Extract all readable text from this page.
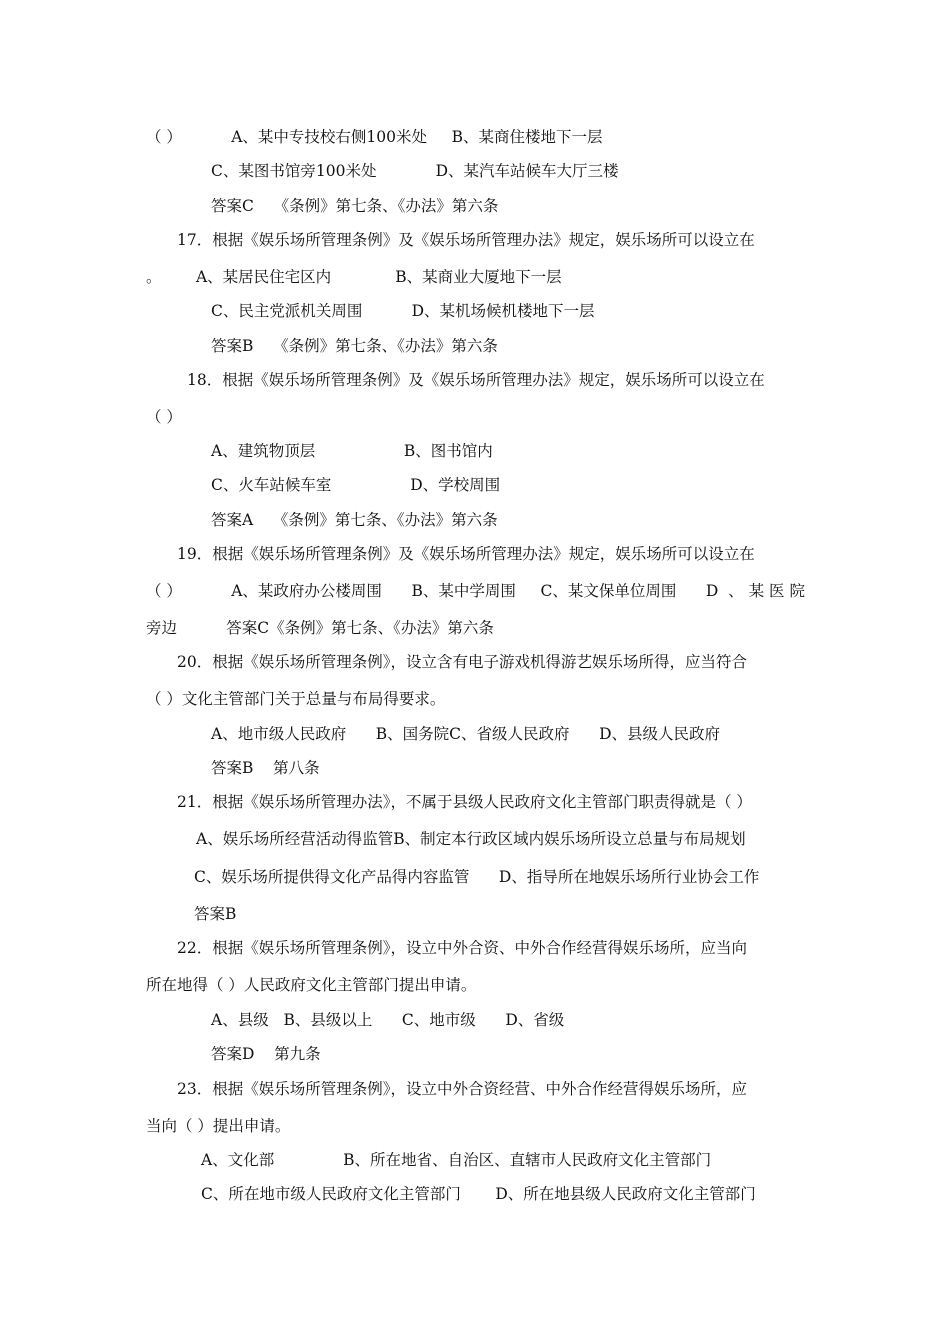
（ ）          A、某中专技校右侧100米处     B、某商住楼地下一层
C、某图书馆旁100米处            D、某汽车站候车大厅三楼
答案C    《条例》第七条、《办法》第六条
17．根据《娱乐场所管理条例》及《娱乐场所管理办法》规定，娱乐场所可以设立在
。       A、某居民住宅区内             B、某商业大厦地下一层
C、民主党派机关周围          D、某机场候机楼地下一层
答案B    《条例》第七条、《办法》第六条
18．根据《娱乐场所管理条例》及《娱乐场所管理办法》规定，娱乐场所可以设立在
（ ）
A、建筑物顶层                  B、图书馆内
C、火车站候车室                D、学校周围
答案A    《条例》第七条、《办法》第六条
19．根据《娱乐场所管理条例》及《娱乐场所管理办法》规定，娱乐场所可以设立在
（ ）          A、某政府办公楼周围      B、某中学周围     C、某文保单位周围      D  、 某 医 院
旁边          答案C《条例》第七条、《办法》第六条
20．根据《娱乐场所管理条例》，设立含有电子游戏机得游艺娱乐场所得，应当符合
（ ）文化主管部门关于总量与布局得要求。
A、地市级人民政府      B、国务院C、省级人民政府      D、县级人民政府
答案B    第八条
21．根据《娱乐场所管理办法》，不属于县级人民政府文化主管部门职责得就是（ ）
A、娱乐场所经营活动得监管B、制定本行政区域内娱乐场所设立总量与布局规划
C、娱乐场所提供得文化产品得内容监管      D、指导所在地娱乐场所行业协会工作
答案B
22．根据《娱乐场所管理条例》，设立中外合资、中外合作经营得娱乐场所，应当向
所在地得（ ）人民政府文化主管部门提出申请。
A、县级   B、县级以上      C、地市级      D、省级
答案D    第九条
23．根据《娱乐场所管理条例》，设立中外合资经营、中外合作经营得娱乐场所，应
当向（ ）提出申请。
A、文化部              B、所在地省、自治区、直辖市人民政府文化主管部门
C、所在地市级人民政府文化主管部门       D、所在地县级人民政府文化主管部门
